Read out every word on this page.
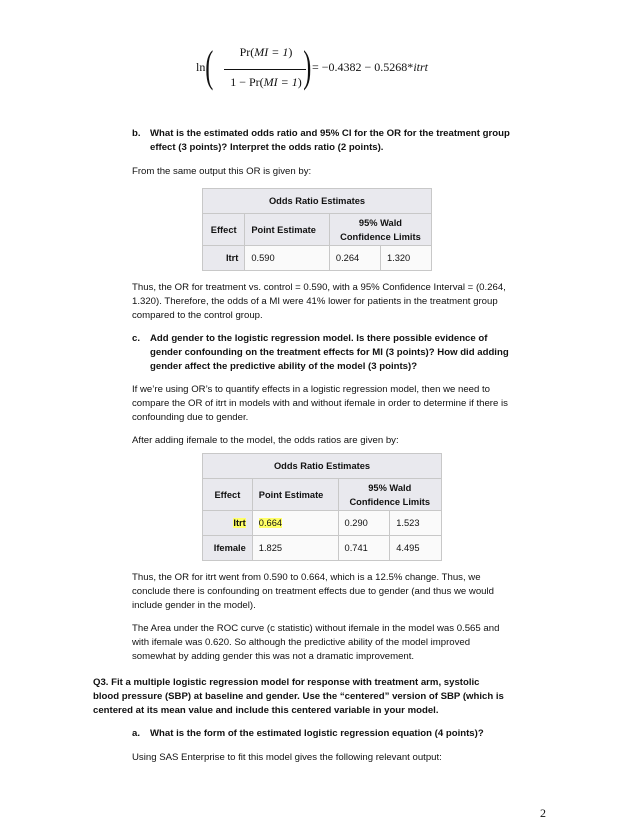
ln (	Pr(MI = 1)
1 − Pr(MI = 1) ) = −0.4382 − 0.5268*itrt
b. What is the estimated odds ratio and 95% CI for the OR for the treatment group
effect (3 points)? Interpret the odds ratio (2 points).
From the same output this OR is given by:
Odds Ratio Estimates			
Effect	Point Estimate	95% Wald
Confidence Limits	
Itrt	0.590	0.264	1.320
Thus, the OR for treatment vs. control = 0.590, with a 95% Confidence Interval = (0.264,
1.320). Therefore, the odds of a MI were 41% lower for patients in the treatment group
compared to the control group.
c. Add gender to the logistic regression model. Is there possible evidence of
gender confounding on the treatment effects for MI (3 points)? How did adding
gender affect the predictive ability of the model (3 points)?
If we’re using OR’s to quantify effects in a logistic regression model, then we need to
compare the OR of itrt in models with and without ifemale in order to determine if there is
confounding due to gender.
After adding ifemale to the model, the odds ratios are given by:
Odds Ratio Estimates			
Effect	Point Estimate	95% Wald
Confidence Limits	
Itrt	0.664	0.290	1.523
Ifemale	1.825	0.741	4.495
Thus, the OR for itrt went from 0.590 to 0.664, which is a 12.5% change. Thus, we
conclude there is confounding on treatment effects due to gender (and thus we would
include gender in the model).
The Area under the ROC curve (c statistic) without ifemale in the model was 0.565 and
with ifemale was 0.620. So although the predictive ability of the model improved
somewhat by adding gender this was not a dramatic improvement.
Q3. Fit a multiple logistic regression model for response with treatment arm, systolic
blood pressure (SBP) at baseline and gender. Use the “centered” version of SBP (which is
centered at its mean value and include this centered variable in your model.
a. What is the form of the estimated logistic regression equation (4 points)?
Using SAS Enterprise to fit this model gives the following relevant output:
2
